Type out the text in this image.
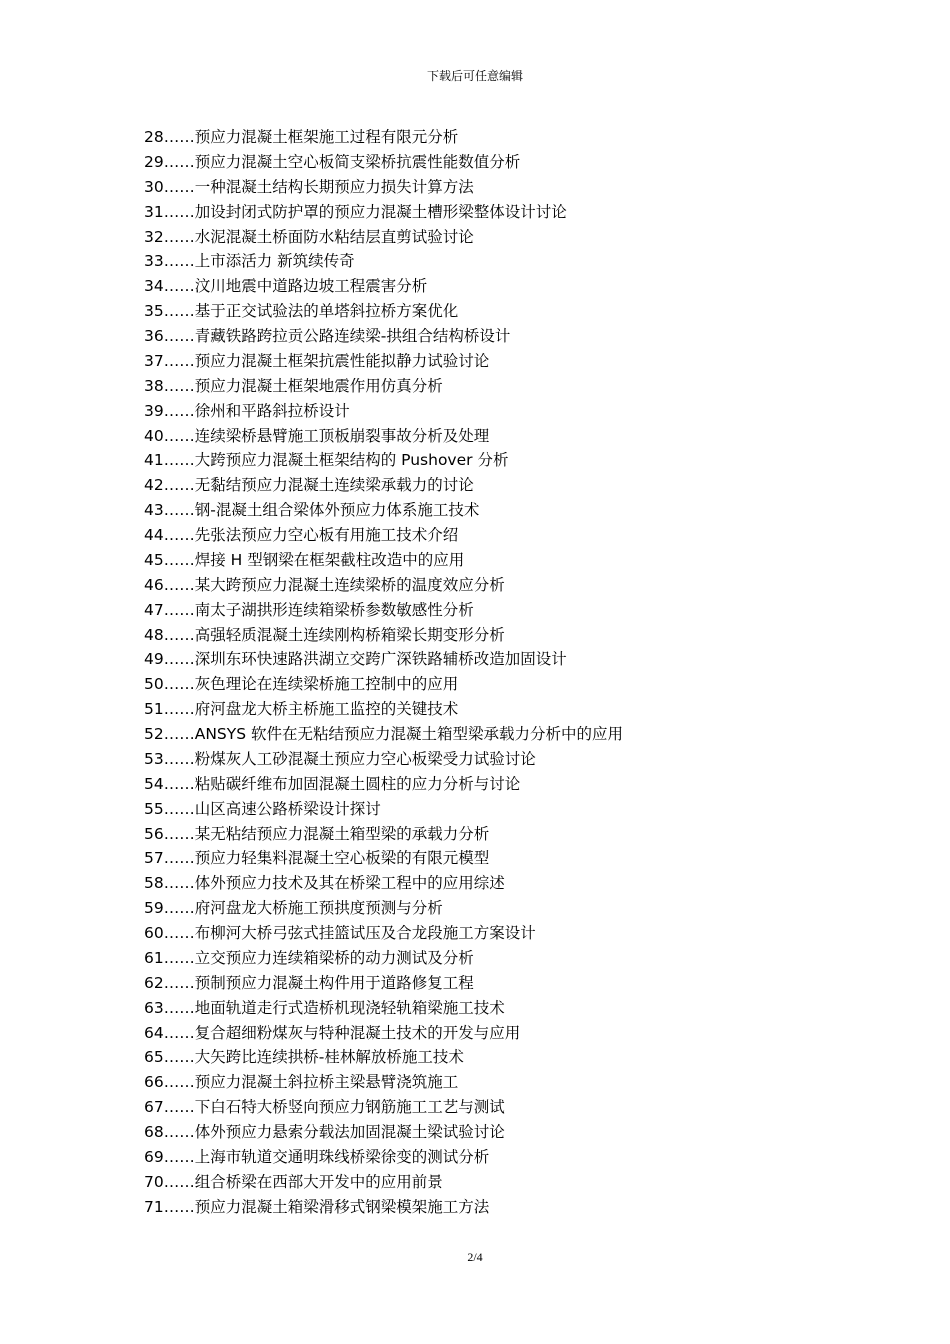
下载后可任意编辑
28……预应力混凝土框架施工过程有限元分析
29……预应力混凝土空心板简支梁桥抗震性能数值分析
30……一种混凝土结构长期预应力损失计算方法
31……加设封闭式防护罩的预应力混凝土槽形梁整体设计讨论
32……水泥混凝土桥面防水粘结层直剪试验讨论
33……上市添活力 新筑续传奇
34……汶川地震中道路边坡工程震害分析
35……基于正交试验法的单塔斜拉桥方案优化
36……青藏铁路跨拉贡公路连续梁-拱组合结构桥设计
37……预应力混凝土框架抗震性能拟静力试验讨论
38……预应力混凝土框架地震作用仿真分析
39……徐州和平路斜拉桥设计
40……连续梁桥悬臂施工顶板崩裂事故分析及处理
41……大跨预应力混凝土框架结构的 Pushover 分析
42……无黏结预应力混凝土连续梁承载力的讨论
43……钢-混凝土组合梁体外预应力体系施工技术
44……先张法预应力空心板有用施工技术介绍
45……焊接 H 型钢梁在框架截柱改造中的应用
46……某大跨预应力混凝土连续梁桥的温度效应分析
47……南太子湖拱形连续箱梁桥参数敏感性分析
48……高强轻质混凝土连续刚构桥箱梁长期变形分析
49……深圳东环快速路洪湖立交跨广深铁路辅桥改造加固设计
50……灰色理论在连续梁桥施工控制中的应用
51……府河盘龙大桥主桥施工监控的关键技术
52……ANSYS 软件在无粘结预应力混凝土箱型梁承载力分析中的应用
53……粉煤灰人工砂混凝土预应力空心板梁受力试验讨论
54……粘贴碳纤维布加固混凝土圆柱的应力分析与讨论
55……山区高速公路桥梁设计探讨
56……某无粘结预应力混凝土箱型梁的承载力分析
57……预应力轻集料混凝土空心板梁的有限元模型
58……体外预应力技术及其在桥梁工程中的应用综述
59……府河盘龙大桥施工预拱度预测与分析
60……布柳河大桥弓弦式挂篮试压及合龙段施工方案设计
61……立交预应力连续箱梁桥的动力测试及分析
62……预制预应力混凝土构件用于道路修复工程
63……地面轨道走行式造桥机现浇轻轨箱梁施工技术
64……复合超细粉煤灰与特种混凝土技术的开发与应用
65……大矢跨比连续拱桥-桂林解放桥施工技术
66……预应力混凝土斜拉桥主梁悬臂浇筑施工
67……下白石特大桥竖向预应力钢筋施工工艺与测试
68……体外预应力悬索分载法加固混凝土梁试验讨论
69……上海市轨道交通明珠线桥梁徐变的测试分析
70……组合桥梁在西部大开发中的应用前景
71……预应力混凝土箱梁滑移式钢梁模架施工方法
2/4
